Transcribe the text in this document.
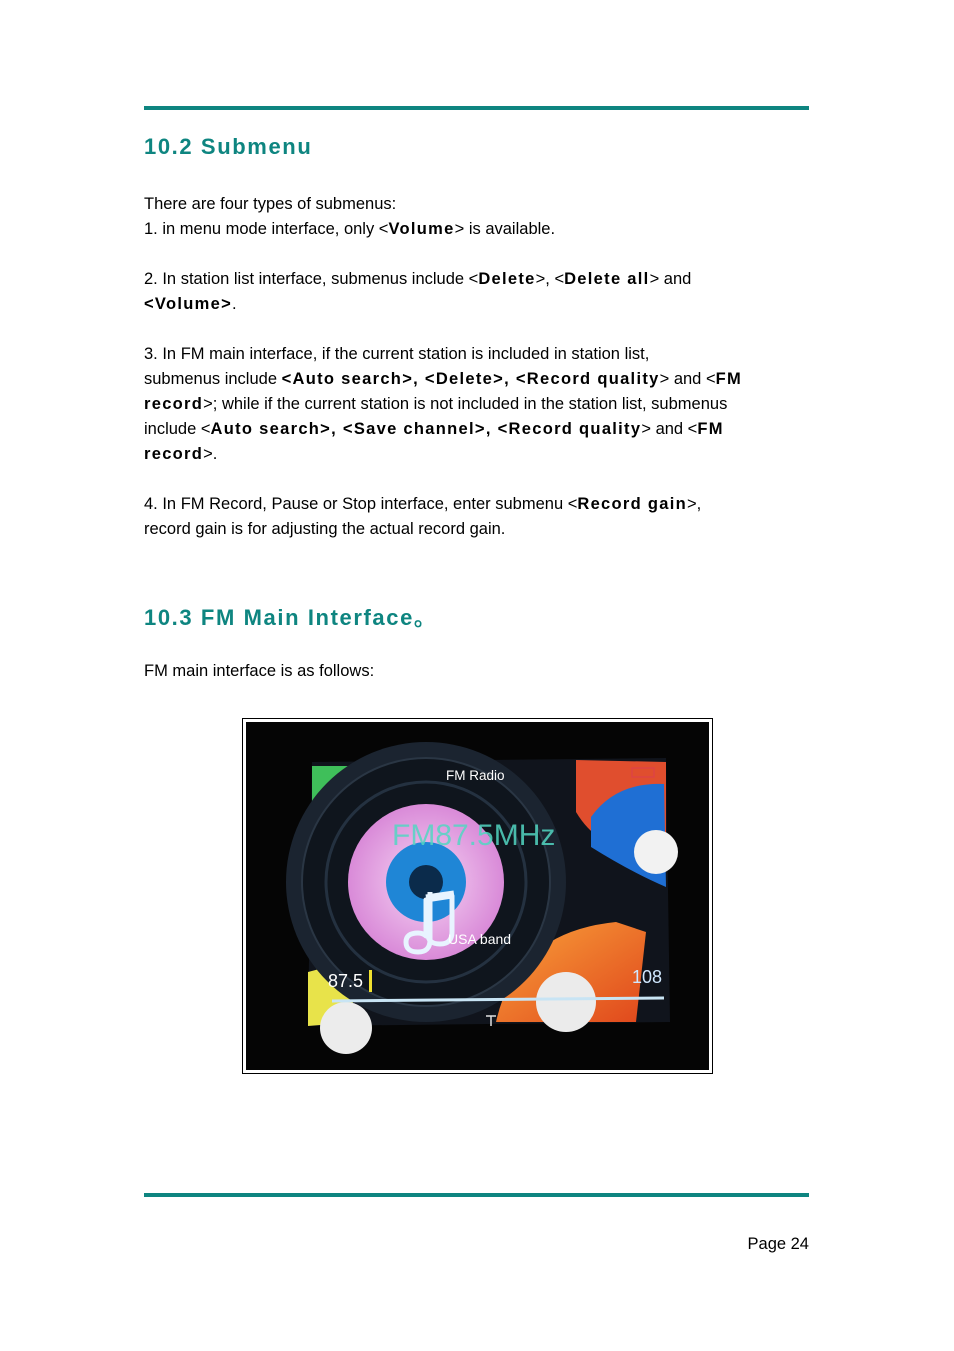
10.2 Submenu

There are four types of submenus:
1. in menu mode interface, only <Volume> is available.

2. In station list interface, submenus include <Delete>, <Delete all> and
<Volume>.

3. In FM main interface, if the current station is included in station list,
submenus include <Auto search>, <Delete>, <Record quality> and <FM
record>; while if the current station is not included in the station list, submenus
include <Auto search>, <Save channel>, <Record quality> and <FM
record>.

4. In FM Record, Pause or Stop interface, enter submenu <Record gain>,
record gain is for adjusting the actual record gain.

10.3 FM Main Interface。

FM main interface is as follows:

FM Radio
FM87.5MHz
USA band
87.5	108
Page 24
